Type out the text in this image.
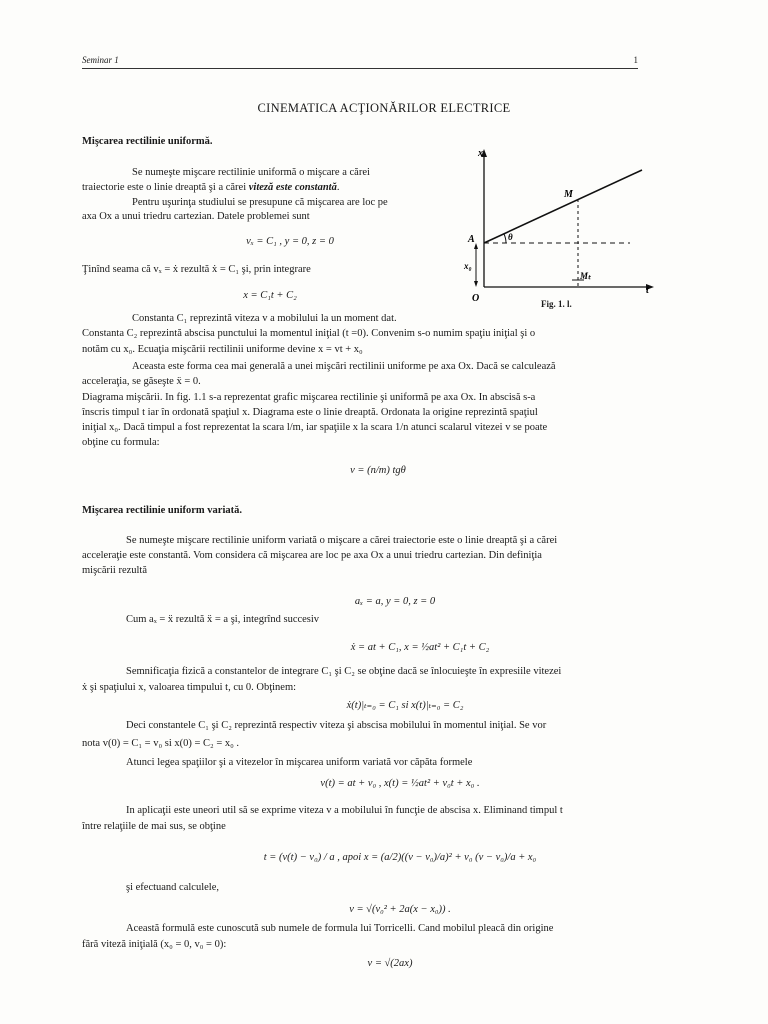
Seminar 1	1
CINEMATICA ACŢIONĂRILOR ELECTRICE
Mişcarea rectilinie uniformă.
Se numeşte mişcare rectilinie uniformă o mişcare a cărei
traiectorie este o linie dreaptă şi a cărei viteză este constantă.
Pentru uşurinţa studiului se presupune că mişcarea are loc pe
axa Ox a unui triedru cartezian. Datele problemei sunt
vₓ = C₁ , y = 0, z = 0
Ţinînd seama că vₓ = ẋ rezultă ẋ = C₁ şi, prin integrare
x = C₁t + C₂
x
t
O
A
M
Mₜ
θ
x₀
Fig. 1. l.
Constanta C₁ reprezintă viteza v a mobilului la un moment dat.
Constanta C₂ reprezintă abscisa punctului la momentul iniţial (t =0). Convenim s-o numim spaţiu iniţial şi o
notăm cu x₀. Ecuaţia mişcării rectilinii uniforme devine x = vt + x₀
Aceasta este forma cea mai generală a unei mişcări rectilinii uniforme pe axa Ox. Dacă se calculează
acceleraţia, se găseşte ẍ = 0.
Diagrama mişcării. In fig. 1.1 s-a reprezentat grafic mişcarea rectilinie şi uniformă pe axa Ox. In abscisă s-a
înscris timpul t iar în ordonată spaţiul x. Diagrama este o linie dreaptă. Ordonata la origine reprezintă spaţiul
iniţial x₀. Dacă timpul a fost reprezentat la scara l/m, iar spaţiile x la scara 1/n atunci scalarul vitezei v se poate
obţine cu formula:
v = (n/m) tgθ
Mişcarea rectilinie uniform variată.
Se numeşte mişcare rectilinie uniform variată o mişcare a cărei traiectorie este o linie dreaptă şi a cărei
acceleraţie este constantă. Vom considera că mişcarea are loc pe axa Ox a unui triedru cartezian. Din definiţia
mişcării rezultă
aₓ = a, y = 0, z = 0
Cum aₓ = ẍ rezultă ẍ = a şi, integrînd succesiv
ẋ = at + C₁, x = ½at² + C₁t + C₂
Semnificaţia fizică a constantelor de integrare C₁ şi C₂ se obţine dacă se înlocuieşte în expresiile vitezei
ẋ şi spaţiului x, valoarea timpului t, cu 0. Obţinem:
ẋ(t)|ₜ₌₀ = C₁ si x(t)|ₜ₌₀ = C₂
Deci constantele C₁ şi C₂ reprezintă respectiv viteza şi abscisa mobilului în momentul iniţial. Se vor
nota v(0) = C₁ = v₀ si x(0) = C₂ = x₀ .
Atunci legea spaţiilor şi a vitezelor în mişcarea uniform variată vor căpăta formele
v(t) = at + v₀ , x(t) = ½at² + v₀t + x₀ .
In aplicaţii este uneori util să se exprime viteza v a mobilului în funcţie de abscisa x. Eliminand timpul t
între relaţiile de mai sus, se obţine
t = (v(t) − v₀) / a , apoi x = (a/2)((v − v₀)/a)² + v₀ (v − v₀)/a + x₀
şi efectuand calculele,
v = √(v₀² + 2a(x − x₀)) .
Această formulă este cunoscută sub numele de formula lui Torricelli. Cand mobilul pleacă din origine
fără viteză iniţială (x₀ = 0, v₀ = 0):
v = √(2ax)
